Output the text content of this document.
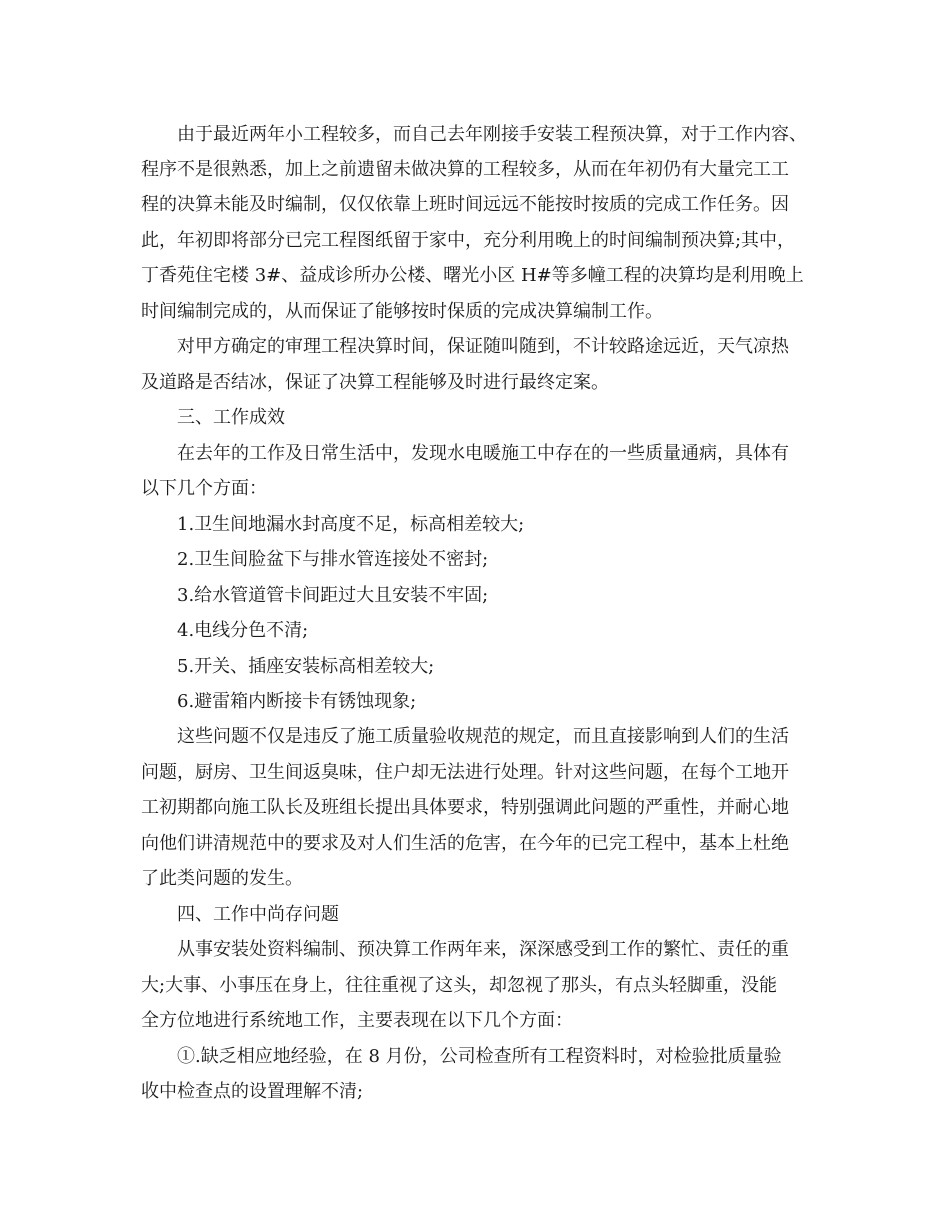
由于最近两年小工程较多，而自己去年刚接手安装工程预决算，对于工作内容、
程序不是很熟悉，加上之前遗留未做决算的工程较多，从而在年初仍有大量完工工
程的决算未能及时编制，仅仅依靠上班时间远远不能按时按质的完成工作任务。因
此，年初即将部分已完工程图纸留于家中，充分利用晚上的时间编制预决算;其中，
丁香苑住宅楼 3#、益成诊所办公楼、曙光小区 H#等多幢工程的决算均是利用晚上
时间编制完成的，从而保证了能够按时保质的完成决算编制工作。
对甲方确定的审理工程决算时间，保证随叫随到，不计较路途远近，天气凉热
及道路是否结冰，保证了决算工程能够及时进行最终定案。
三、工作成效
在去年的工作及日常生活中，发现水电暖施工中存在的一些质量通病，具体有
以下几个方面：
1.卫生间地漏水封高度不足，标高相差较大;
2.卫生间脸盆下与排水管连接处不密封;
3.给水管道管卡间距过大且安装不牢固;
4.电线分色不清;
5.开关、插座安装标高相差较大;
6.避雷箱内断接卡有锈蚀现象;
这些问题不仅是违反了施工质量验收规范的规定，而且直接影响到人们的生活
问题，厨房、卫生间返臭味，住户却无法进行处理。针对这些问题，在每个工地开
工初期都向施工队长及班组长提出具体要求，特别强调此问题的严重性，并耐心地
向他们讲清规范中的要求及对人们生活的危害，在今年的已完工程中，基本上杜绝
了此类问题的发生。
四、工作中尚存问题
从事安装处资料编制、预决算工作两年来，深深感受到工作的繁忙、责任的重
大;大事、小事压在身上，往往重视了这头，却忽视了那头，有点头轻脚重，没能
全方位地进行系统地工作，主要表现在以下几个方面：
①.缺乏相应地经验，在 8 月份，公司检查所有工程资料时，对检验批质量验
收中检查点的设置理解不清;
